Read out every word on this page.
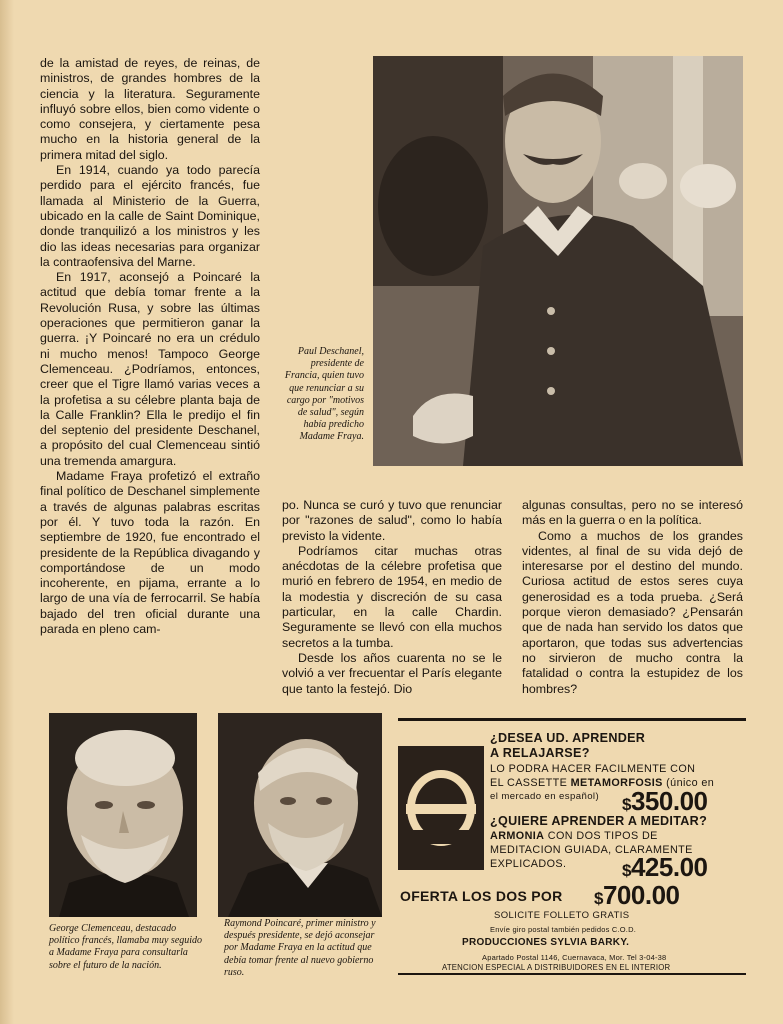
de la amistad de reyes, de reinas, de ministros, de grandes hombres de la ciencia y la literatura. Seguramente influyó sobre ellos, bien como vidente o como consejera, y ciertamente pesa mucho en la historia general de la primera mitad del siglo.

En 1914, cuando ya todo parecía perdido para el ejército francés, fue llamada al Ministerio de la Guerra, ubicado en la calle de Saint Dominique, donde tranquilizó a los ministros y les dio las ideas necesarias para organizar la contraofensiva del Marne.

En 1917, aconsejó a Poincaré la actitud que debía tomar frente a la Revolución Rusa, y sobre las últimas operaciones que permitieron ganar la guerra. ¡Y Poincaré no era un crédulo ni mucho menos! Tampoco George Clemenceau. ¿Podríamos, entonces, creer que el Tigre llamó varias veces a la profetisa a su célebre planta baja de la Calle Franklin? Ella le predijo el fin del septenio del presidente Deschanel, a propósito del cual Clemenceau sintió una tremenda amargura.

Madame Fraya profetizó el extraño final político de Deschanel simplemente a través de algunas palabras escritas por él. Y tuvo toda la razón. En septiembre de 1920, fue encontrado el presidente de la República divagando y comportándose de un modo incoherente, en pijama, errante a lo largo de una vía de ferrocarril. Se había bajado del tren oficial durante una parada en pleno cam-

po. Nunca se curó y tuvo que renunciar por "razones de salud", como lo había previsto la vidente.

Podríamos citar muchas otras anécdotas de la célebre profetisa que murió en febrero de 1954, en medio de la modestia y discreción de su casa particular, en la calle Chardin. Seguramente se llevó con ella muchos secretos a la tumba.

Desde los años cuarenta no se le volvió a ver frecuentar el París elegante que tanto la festejó. Dio

algunas consultas, pero no se interesó más en la guerra o en la política.

Como a muchos de los grandes videntes, al final de su vida dejó de interesarse por el destino del mundo. Curiosa actitud de estos seres cuya generosidad es a toda prueba. ¿Será porque vieron demasiado? ¿Pensarán que de nada han servido los datos que aportaron, que todas sus advertencias no sirvieron de mucho contra la fatalidad o contra la estupidez de los hombres?

Paul Deschanel, presidente de Francia, quien tuvo que renunciar a su cargo por "motivos de salud", según había predicho Madame Fraya.
George Clemenceau, destacado político francés, llamaba muy seguido a Madame Fraya para consultarla sobre el futuro de la nación.
Raymond Poincaré, primer ministro y después presidente, se dejó aconsejar por Madame Fraya en la actitud que debía tomar frente al nuevo gobierno ruso.
¿DESEA UD. APRENDER
A RELAJARSE?
LO PODRA HACER FACILMENTE CON
EL CASSETTE METAMORFOSIS (único en
el mercado en español) $350.00
¿QUIERE APRENDER A MEDITAR?
ARMONIA CON DOS TIPOS DE
MEDITACION GUIADA, CLARAMENTE
EXPLICADOS.	$425.00
OFERTA LOS DOS POR $700.00
SOLICITE FOLLETO GRATIS
Envíe giro postal también pedidos C.O.D.
PRODUCCIONES SYLVIA BARKY.
Apartado Postal 1146, Cuernavaca, Mor. Tel 3-04-38
ATENCION ESPECIAL A DISTRIBUIDORES EN EL INTERIOR
